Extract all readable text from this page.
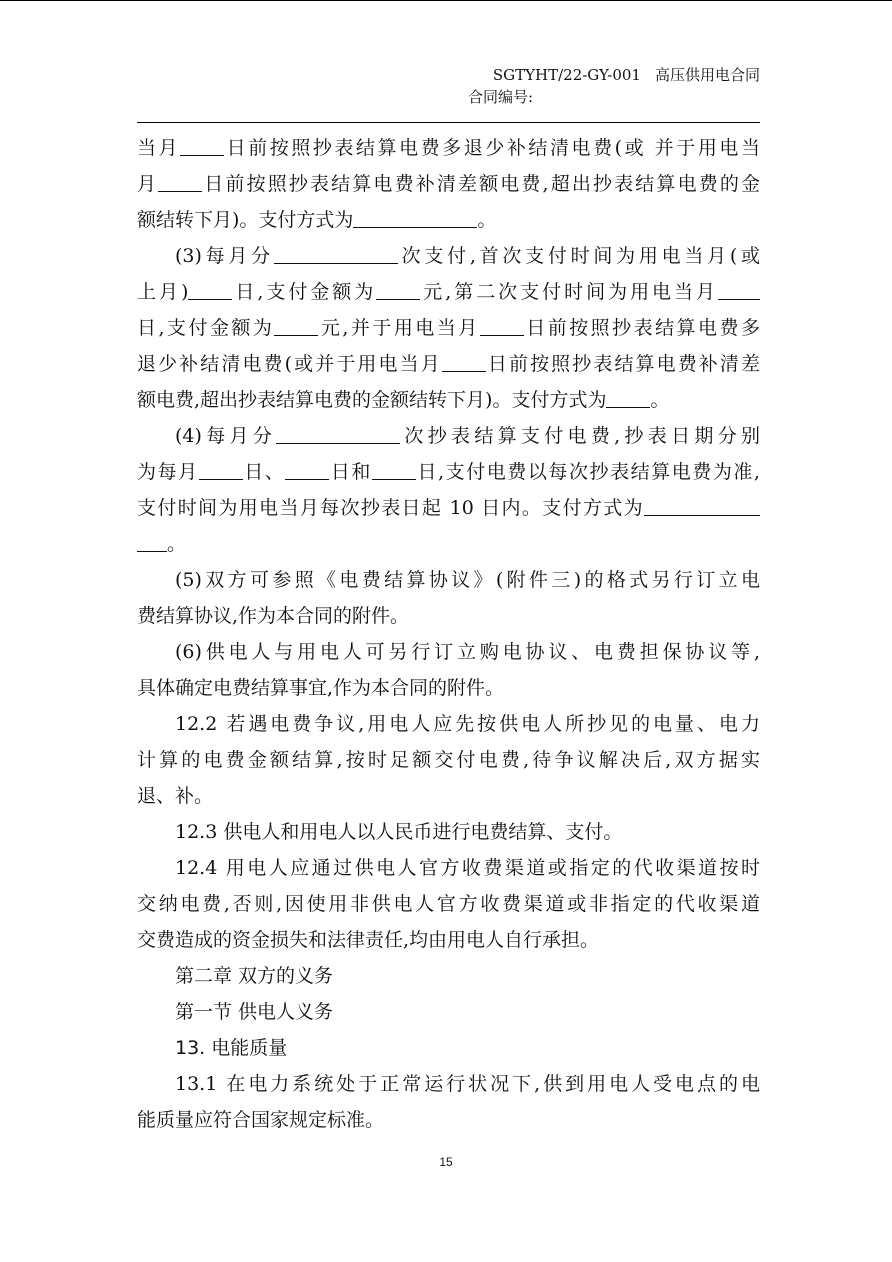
SGTYHT/22-GY-001 高压供用电合同
合同编号:
当月 日前按照抄表结算电费多退少补结清电费(或 并于用电当
月 日前按照抄表结算电费补清差额电费,超出抄表结算电费的金
额结转下月)。支付方式为	。
(3)每月分	次支付,首次支付时间为用电当月(或
上月) 日,支付金额为 元,第二次支付时间为用电当月
日,支付金额为 元,并于用电当月 日前按照抄表结算电费多
退少补结清电费(或并于用电当月 日前按照抄表结算电费补清差
额电费,超出抄表结算电费的金额结转下月)。支付方式为 。
(4)每月分	次抄表结算支付电费,抄表日期分别
为每月 日、 日和 日,支付电费以每次抄表结算电费为准,
支付时间为用电当月每次抄表日起 10 日内。支付方式为
。
(5)双方可参照《电费结算协议》(附件三)的格式另行订立电
费结算协议,作为本合同的附件。
(6)供电人与用电人可另行订立购电协议、电费担保协议等,
具体确定电费结算事宜,作为本合同的附件。
12.2 若遇电费争议,用电人应先按供电人所抄见的电量、电力
计算的电费金额结算,按时足额交付电费,待争议解决后,双方据实
退、补。
12.3 供电人和用电人以人民币进行电费结算、支付。
12.4 用电人应通过供电人官方收费渠道或指定的代收渠道按时
交纳电费,否则,因使用非供电人官方收费渠道或非指定的代收渠道
交费造成的资金损失和法律责任,均由用电人自行承担。
第二章 双方的义务
第一节 供电人义务
13. 电能质量
13.1 在电力系统处于正常运行状况下,供到用电人受电点的电
能质量应符合国家规定标准。
15
